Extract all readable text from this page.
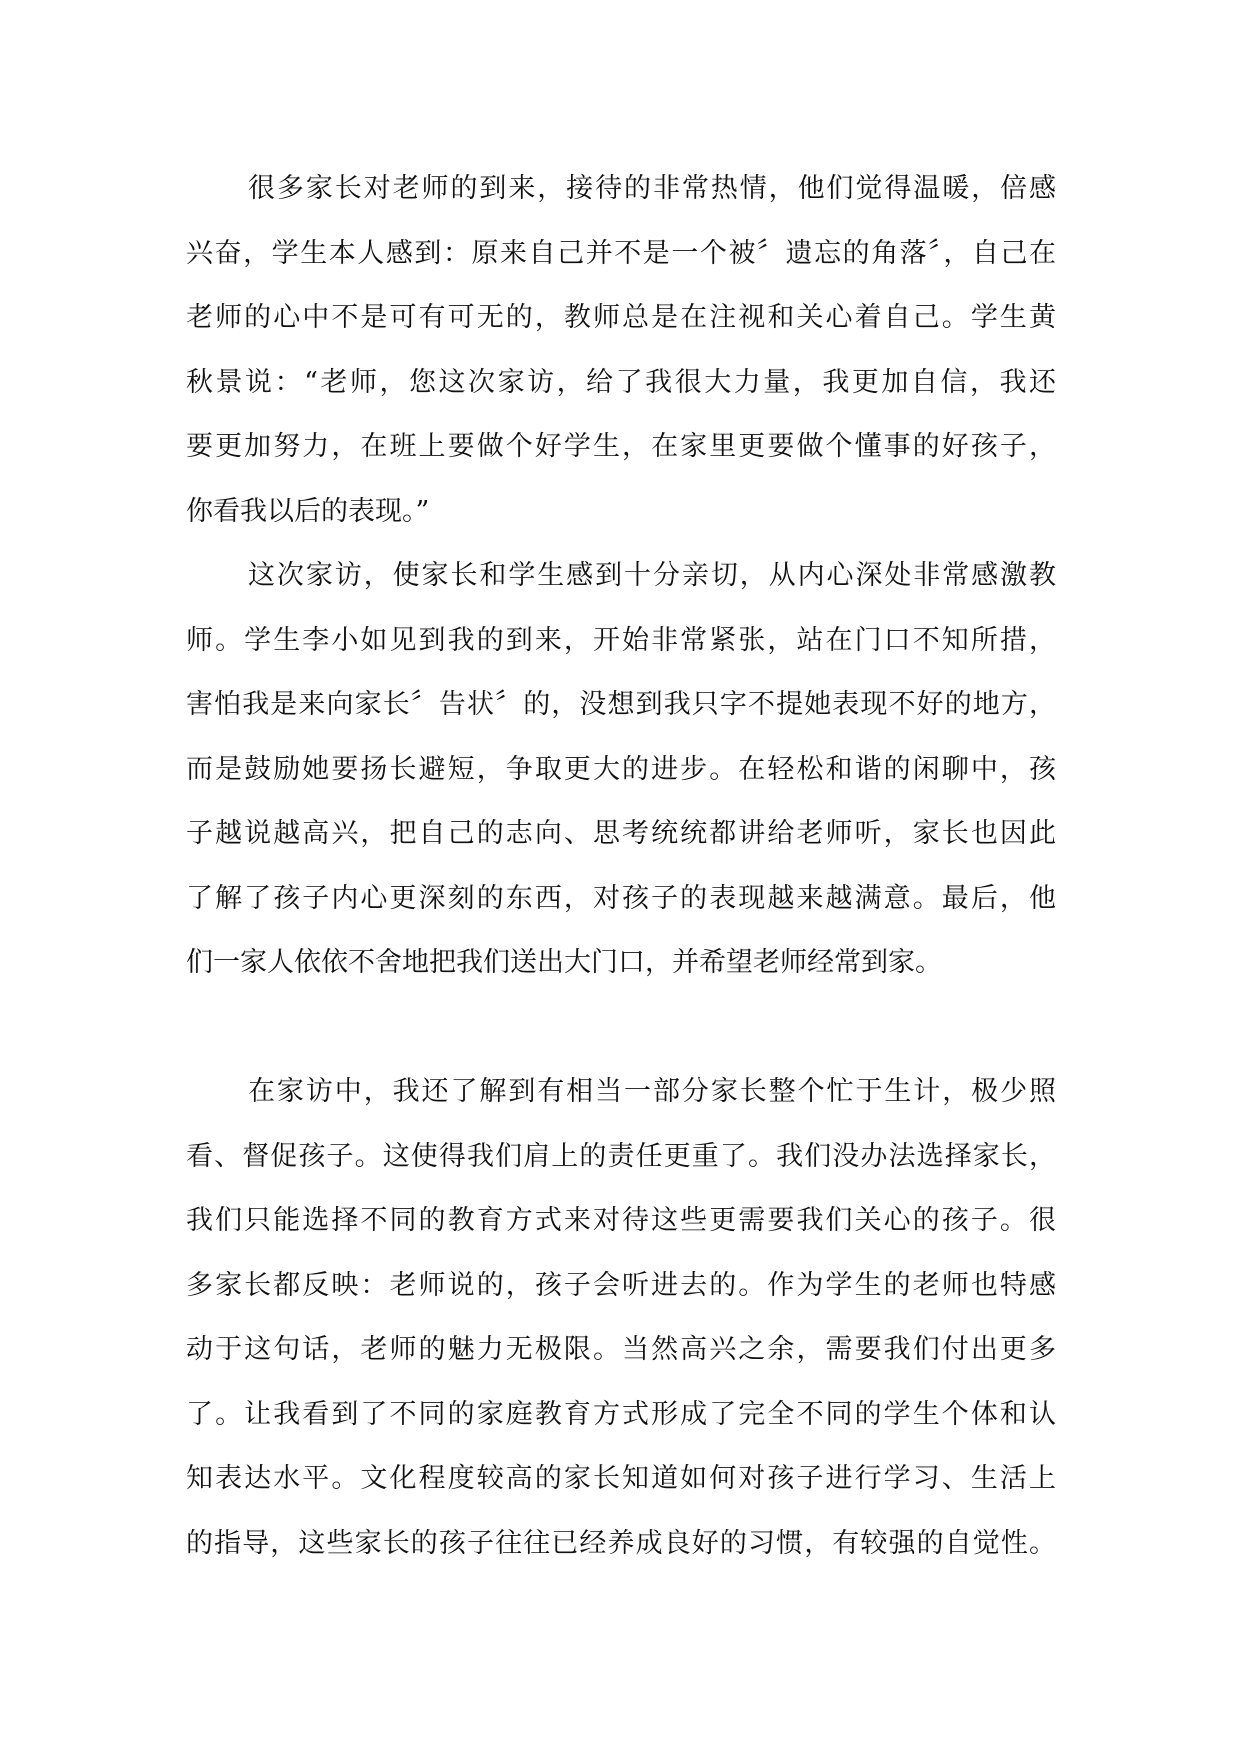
很多家长对老师的到来，接待的非常热情，他们觉得温暖，倍感
兴奋，学生本人感到：原来自己并不是一个被〞遗忘的角落〞，自己在
老师的心中不是可有可无的，教师总是在注视和关心着自己。学生黄
秋景说：“老师，您这次家访，给了我很大力量，我更加自信，我还
要更加努力，在班上要做个好学生，在家里更要做个懂事的好孩子，
你看我以后的表现。”
这次家访，使家长和学生感到十分亲切，从内心深处非常感激教
师。学生李小如见到我的到来，开始非常紧张，站在门口不知所措，
害怕我是来向家长〞告状〞的，没想到我只字不提她表现不好的地方，
而是鼓励她要扬长避短，争取更大的进步。在轻松和谐的闲聊中，孩
子越说越高兴，把自己的志向、思考统统都讲给老师听，家长也因此
了解了孩子内心更深刻的东西，对孩子的表现越来越满意。最后，他
们一家人依依不舍地把我们送出大门口，并希望老师经常到家。
在家访中，我还了解到有相当一部分家长整个忙于生计，极少照
看、督促孩子。这使得我们肩上的责任更重了。我们没办法选择家长，
我们只能选择不同的教育方式来对待这些更需要我们关心的孩子。很
多家长都反映：老师说的，孩子会听进去的。作为学生的老师也特感
动于这句话，老师的魅力无极限。当然高兴之余，需要我们付出更多
了。让我看到了不同的家庭教育方式形成了完全不同的学生个体和认
知表达水平。文化程度较高的家长知道如何对孩子进行学习、生活上
的指导，这些家长的孩子往往已经养成良好的习惯，有较强的自觉性。
